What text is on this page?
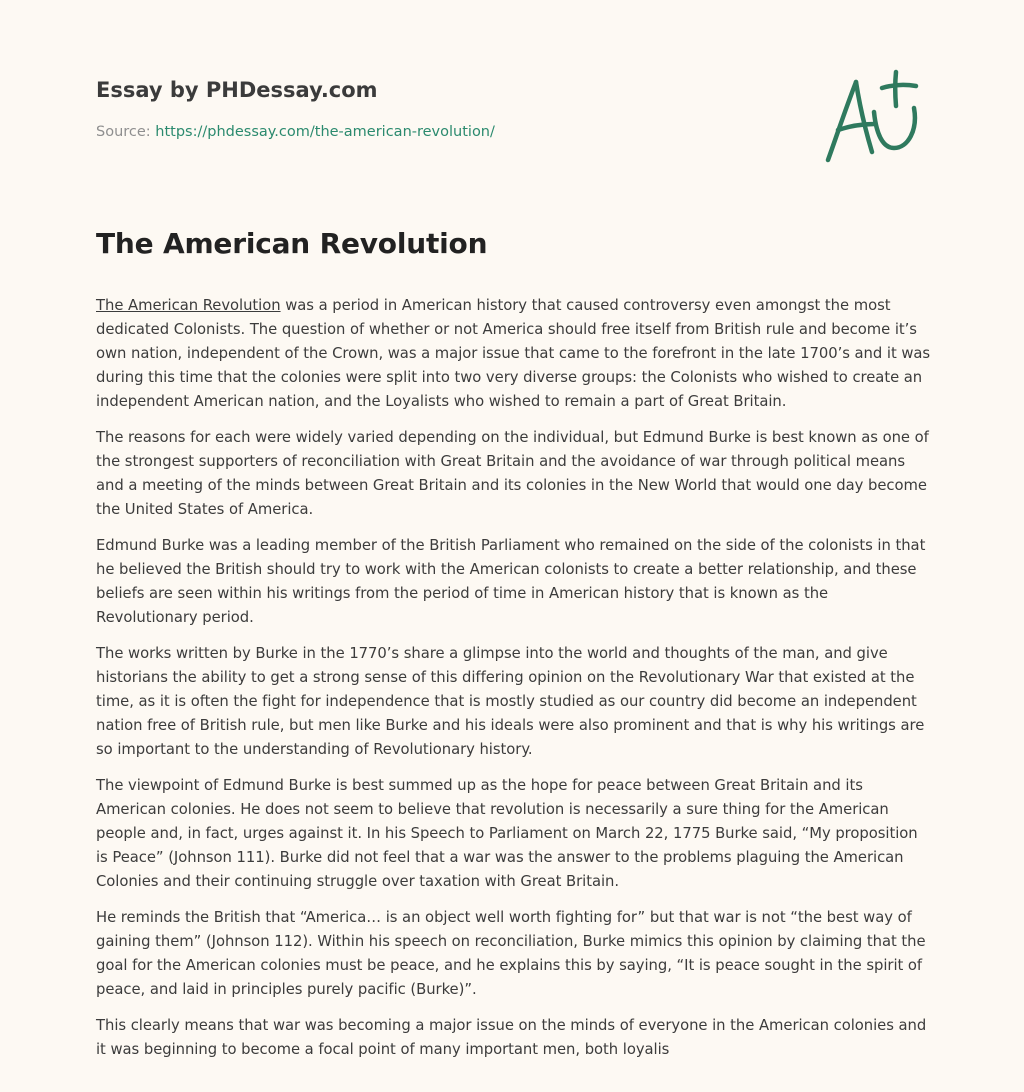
Essay by PHDessay.com
Source: https://phdessay.com/the-american-revolution/
The American Revolution

The American Revolution was a period in American history that caused controversy even amongst the most dedicated Colonists. The question of whether or not America should free itself from British rule and become it’s own nation, independent of the Crown, was a major issue that came to the forefront in the late 1700’s and it was during this time that the colonies were split into two very diverse groups: the Colonists who wished to create an independent American nation, and the Loyalists who wished to remain a part of Great Britain.

The reasons for each were widely varied depending on the individual, but Edmund Burke is best known as one of the strongest supporters of reconciliation with Great Britain and the avoidance of war through political means and a meeting of the minds between Great Britain and its colonies in the New World that would one day become the United States of America.

Edmund Burke was a leading member of the British Parliament who remained on the side of the colonists in that he believed the British should try to work with the American colonists to create a better relationship, and these beliefs are seen within his writings from the period of time in American history that is known as the Revolutionary period.

The works written by Burke in the 1770’s share a glimpse into the world and thoughts of the man, and give historians the ability to get a strong sense of this differing opinion on the Revolutionary War that existed at the time, as it is often the fight for independence that is mostly studied as our country did become an independent nation free of British rule, but men like Burke and his ideals were also prominent and that is why his writings are so important to the understanding of Revolutionary history.

The viewpoint of Edmund Burke is best summed up as the hope for peace between Great Britain and its American colonies. He does not seem to believe that revolution is necessarily a sure thing for the American people and, in fact, urges against it. In his Speech to Parliament on March 22, 1775 Burke said, “My proposition is Peace” (Johnson 111). Burke did not feel that a war was the answer to the problems plaguing the American Colonies and their continuing struggle over taxation with Great Britain.

He reminds the British that “America… is an object well worth fighting for” but that war is not “the best way of gaining them” (Johnson 112). Within his speech on reconciliation, Burke mimics this opinion by claiming that the goal for the American colonies must be peace, and he explains this by saying, “It is peace sought in the spirit of peace, and laid in principles purely pacific (Burke)”.

This clearly means that war was becoming a major issue on the minds of everyone in the American colonies and it was beginning to become a focal point of many important men, both loyalis
